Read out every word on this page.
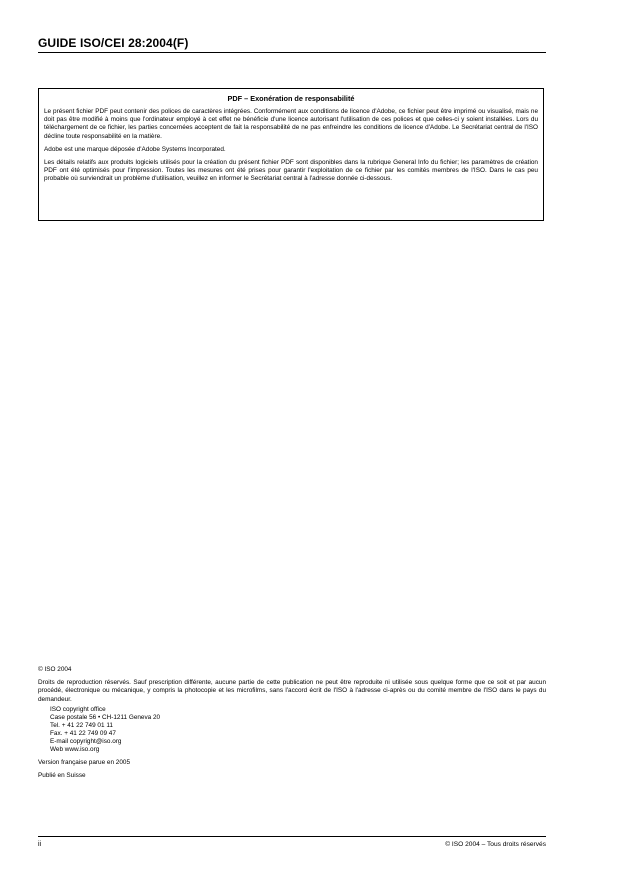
GUIDE ISO/CEI 28:2004(F)

PDF – Exonération de responsabilité

Le présent fichier PDF peut contenir des polices de caractères intégrées. Conformément aux conditions de licence d'Adobe, ce fichier peut être imprimé ou visualisé, mais ne doit pas être modifié à moins que l'ordinateur employé à cet effet ne bénéficie d'une licence autorisant l'utilisation de ces polices et que celles-ci y soient installées. Lors du téléchargement de ce fichier, les parties concernées acceptent de fait la responsabilité de ne pas enfreindre les conditions de licence d'Adobe. Le Secrétariat central de l'ISO décline toute responsabilité en la matière.

Adobe est une marque déposée d'Adobe Systems Incorporated.

Les détails relatifs aux produits logiciels utilisés pour la création du présent fichier PDF sont disponibles dans la rubrique General Info du fichier; les paramètres de création PDF ont été optimisés pour l'impression. Toutes les mesures ont été prises pour garantir l'exploitation de ce fichier par les comités membres de l'ISO. Dans le cas peu probable où surviendrait un problème d'utilisation, veuillez en informer le Secrétariat central à l'adresse donnée ci-dessous.

© ISO 2004

Droits de reproduction réservés. Sauf prescription différente, aucune partie de cette publication ne peut être reproduite ni utilisée sous quelque forme que ce soit et par aucun procédé, électronique ou mécanique, y compris la photocopie et les microfilms, sans l'accord écrit de l'ISO à l'adresse ci-après ou du comité membre de l'ISO dans le pays du demandeur.

ISO copyright office
Case postale 56 • CH-1211 Geneva 20
Tel. + 41 22 749 01 11
Fax. + 41 22 749 09 47
E-mail copyright@iso.org
Web www.iso.org

Version française parue en 2005

Publié en Suisse

ii	© ISO 2004 – Tous droits réservés
